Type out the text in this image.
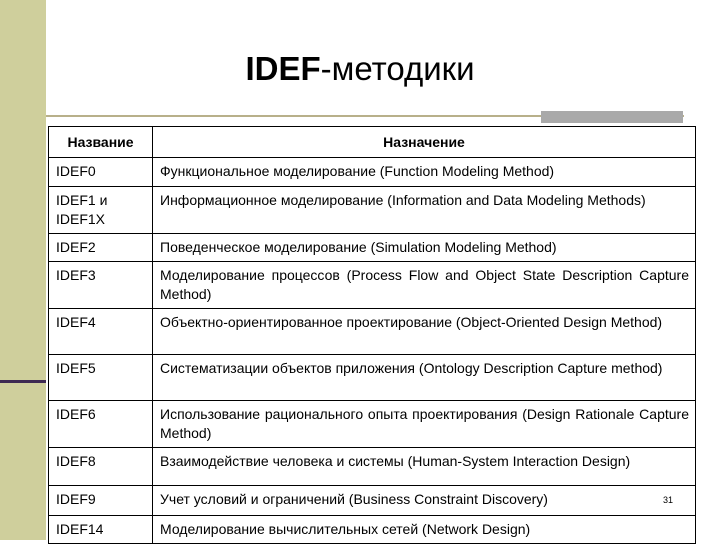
IDEF-методики
Название	Назначение
IDEF0	Функциональное моделирование (Function Modeling Method)
IDEF1 и IDEF1X	Информационное моделирование (Information and Data Modeling Methods)
IDEF2	Поведенческое моделирование (Simulation Modeling Method)
IDEF3	Моделирование процессов (Process Flow and Object State Description Capture Method)
IDEF4	Объектно-ориентированное проектирование (Object-Oriented Design Method)
IDEF5	Систематизации объектов приложения (Ontology Description Capture method)
IDEF6	Использование рационального опыта проектирования (Design Rationale Capture Method)
IDEF8	Взаимодействие человека и системы (Human-System Interaction Design)
IDEF9	Учет условий и ограничений (Business Constraint Discovery)
IDEF14	Моделирование вычислительных сетей (Network Design)
31
